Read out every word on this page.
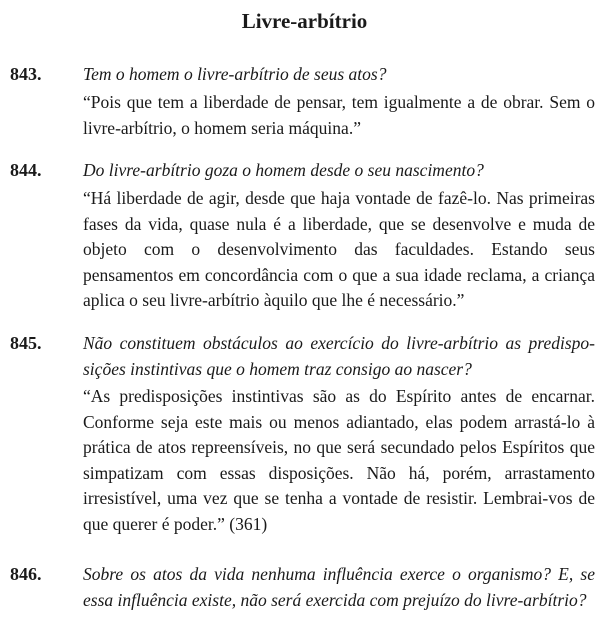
Livre-arbítrio
843. Tem o homem o livre-arbítrio de seus atos?
“Pois que tem a liberdade de pensar, tem igualmente a de obrar. Sem o livre-arbítrio, o homem seria máquina.”
844. Do livre-arbítrio goza o homem desde o seu nascimento?
“Há liberdade de agir, desde que haja vontade de fazê-lo. Nas primeiras fases da vida, quase nula é a liberdade, que se desenvolve e muda de objeto com o desenvolvimento das faculdades. Estando seus pensamentos em concordância com o que a sua idade reclama, a criança aplica o seu livre-arbítrio àquilo que lhe é necessário.”
845. Não constituem obstáculos ao exercício do livre-arbítrio as predisposições instintivas que o homem traz consigo ao nascer?
“As predisposições instintivas são as do Espírito antes de encarnar. Conforme seja este mais ou menos adiantado, elas podem arrastá-lo à prática de atos repreensíveis, no que será secundado pelos Espíritos que simpatizam com essas disposições. Não há, porém, arrastamento irresistível, uma vez que se tenha a vontade de resistir. Lembrai-vos de que querer é poder.” (361)
846. Sobre os atos da vida nenhuma influência exerce o organismo? E, se essa influência existe, não será exercida com prejuízo do livre-arbítrio?
